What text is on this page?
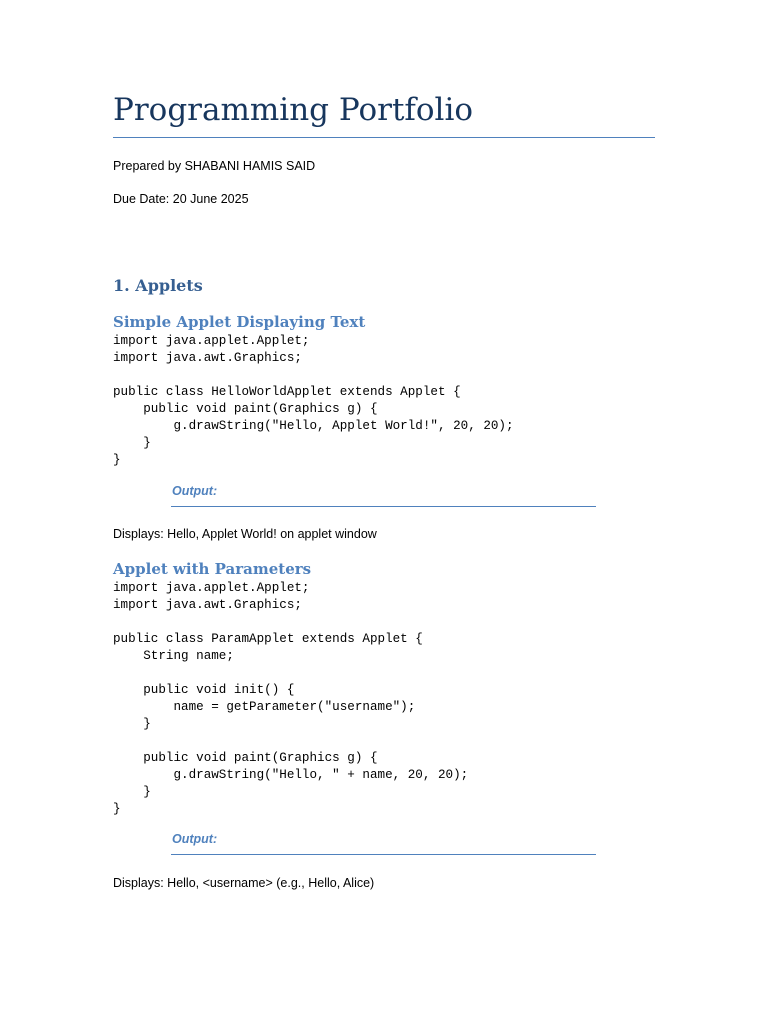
Programming Portfolio
Prepared by SHABANI HAMIS SAID
Due Date: 20 June 2025
1. Applets
Simple Applet Displaying Text
import java.applet.Applet;
import java.awt.Graphics;

public class HelloWorldApplet extends Applet {
public void paint(Graphics g) {
g.drawString("Hello, Applet World!", 20, 20);
}
}
Output:
Displays: Hello, Applet World! on applet window
Applet with Parameters
import java.applet.Applet;
import java.awt.Graphics;

public class ParamApplet extends Applet {
String name;

public void init() {
name = getParameter("username");
}

public void paint(Graphics g) {
g.drawString("Hello, " + name, 20, 20);
}
}
Output:
Displays: Hello, <username> (e.g., Hello, Alice)
